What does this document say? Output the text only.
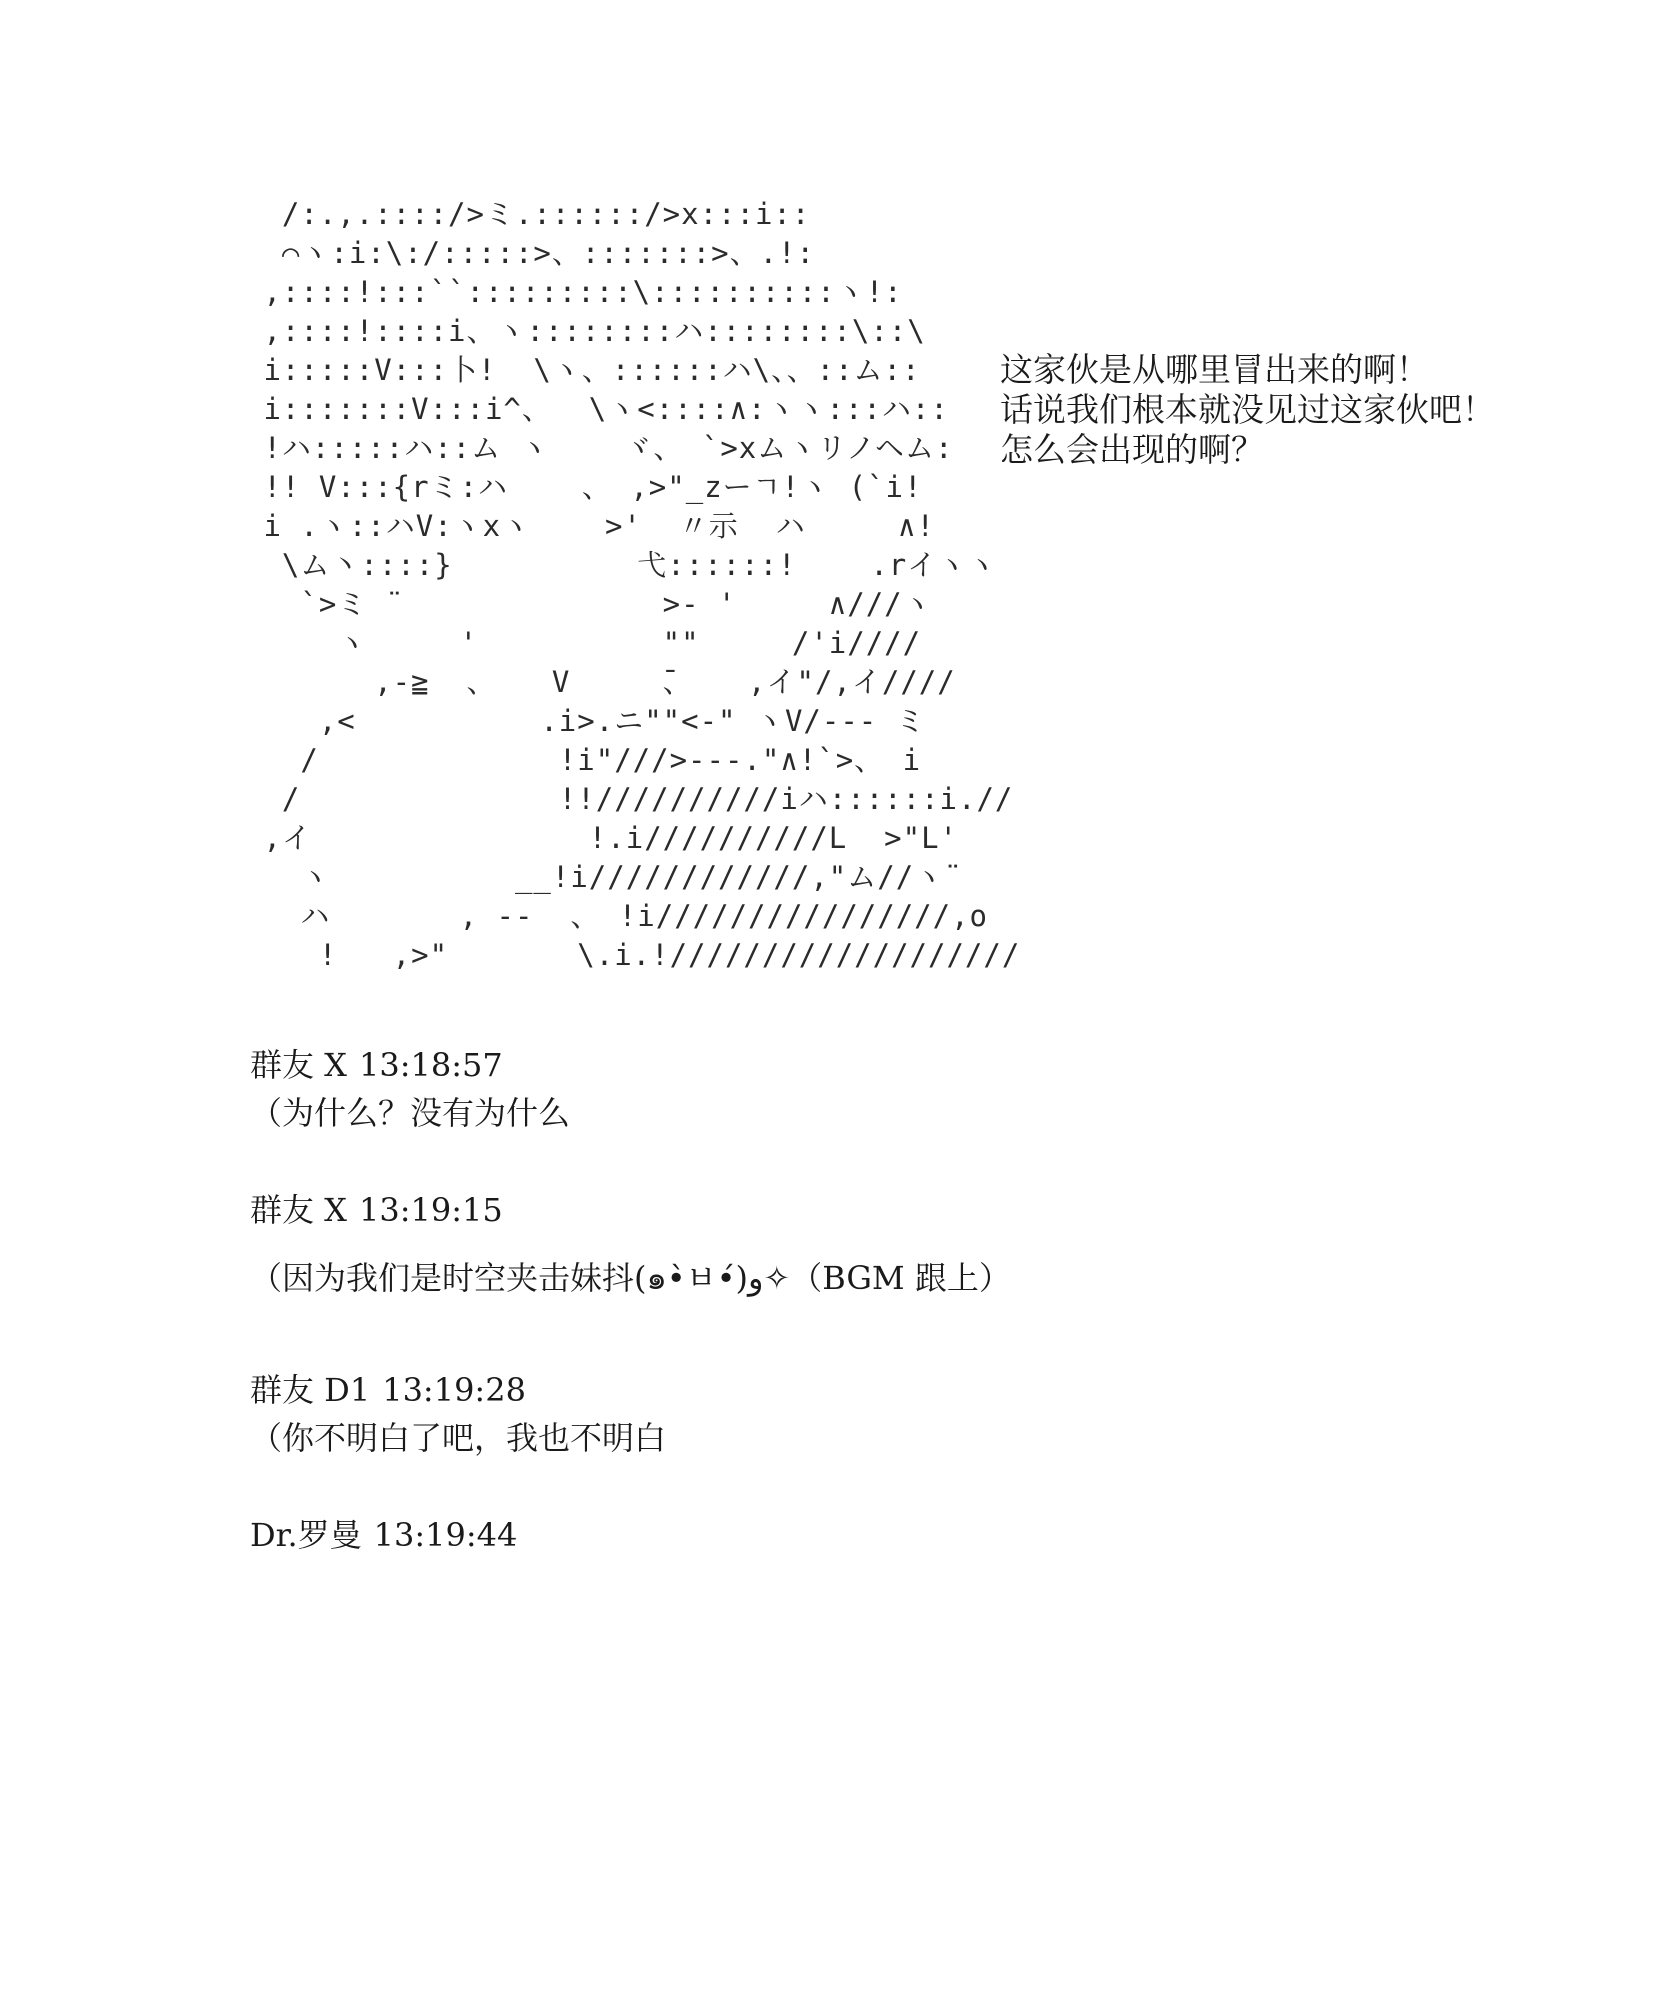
/:.,.::::/>ミ.::::::/>x:::i::
⌒ヽ:i:\:/:::::>、:::::::>、.!:
,::::!:::``:::::::::\::::::::::ヽ!:
,::::!::::i、ヽ::::::::ハ::::::::\::\
i:::::V:::卜!  \ヽ、::::::ハ\、、::ム::
i:::::::V:::i^、  \ヽ<::::∧:ヽヽ:::ハ::
!ハ:::::ハ::ム ヽ    ヾ、 `>xムヽリノヘム:
!! V:::{rミ:ハ    、 ,>"_zーㄱ!ヽ (`i!
i .ヽ::ハV:ヽxヽ    >'  〃示  ハ     ∧!
\ム丶::::}          弋::::::!    .rイヽヽ
`>ミ ¨              >- '     ∧///ヽ
ヽ     '          ""     /'i////
,-≧  、   V     ̄、   ,イ"/,イ////
,<          .i>.ニ""<-" ヽV/--- ミ
/             !i"///>---."∧!`>、 i
/              !!//////////iハ::::::i.//
,イ               !.i//////////L  >"L'
ヽ          __!i////////////,"ム//ヽ¨
ハ       , --  、 !i////////////////,o
!   ,>"       \.i.!///////////////////
这家伙是从哪里冒出来的啊！
话说我们根本就没见过这家伙吧！
怎么会出现的啊？
群友 X 13:18:57
（为什么？没有为什么
群友 X 13:19:15
（因为我们是时空夹击妹抖(๑•̀ㅂ•́)و✧（BGM 跟上）
群友 D1 13:19:28
（你不明白了吧，我也不明白
Dr.罗曼 13:19:44
